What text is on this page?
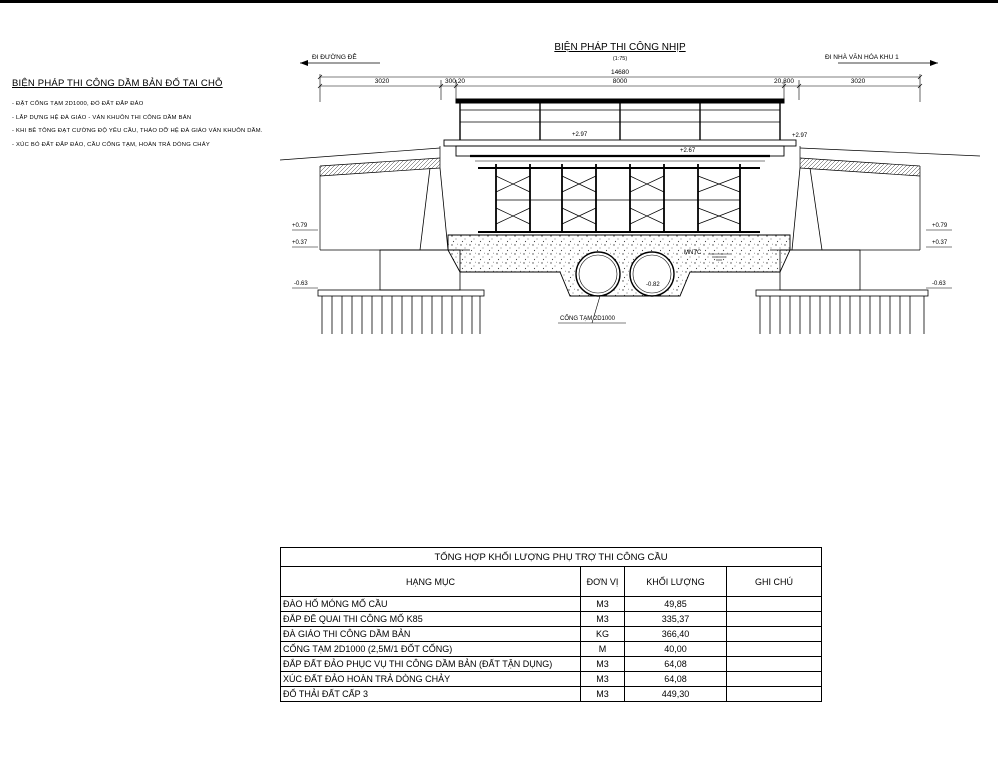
BIỆN PHÁP THI CÔNG DẦM BẢN ĐỔ TẠI CHỖ
- ĐẶT CỐNG TẠM 2D1000, ĐỔ ĐẤT ĐẮP ĐẢO
- LẮP DỰNG HỆ ĐÀ GIÁO - VÁN KHUÔN THI CÔNG DẦM BẢN
- KHI BÊ TÔNG ĐẠT CƯỜNG ĐỘ YÊU CẦU, THÁO DỠ HỆ ĐÀ GIÁO VÁN KHUÔN DẦM.
- XÚC BỎ ĐẤT ĐẮP ĐẢO, CẦU CỐNG TẠM, HOÀN TRẢ DÒNG CHẢY
BIỆN PHÁP THI CÔNG NHỊP
(1:75)
ĐI ĐƯỜNG ĐÊ	ĐI NHÀ VĂN HÓA KHU 1
14680
3020	300,20	8000	20,300	3020
+2.97	+2.97
+2.67
-0.82
MNTC
CỐNG TẠM 2D1000
+0.79
+0.37
-0.63
+0.79
+0.37
-0.63
TỔNG HỢP KHỐI LƯỢNG PHỤ TRỢ THI CÔNG CẦU			
HẠNG MỤC	ĐƠN VỊ	KHỐI LƯỢNG	GHI CHÚ
ĐÀO HỐ MÓNG MỐ CẦU	M3	49,85	
ĐẮP ĐÊ QUAI THI CÔNG MỐ K85	M3	335,37	
ĐÀ GIÁO THI CÔNG DẦM BẢN	KG	366,40	
CỐNG TẠM 2D1000 (2,5M/1 ĐỐT CỐNG)	M	40,00	
ĐẮP ĐẤT ĐẢO PHỤC VỤ THI CÔNG DẦM BẢN (ĐẤT TẬN DỤNG)	M3	64,08	
XÚC ĐẤT ĐẢO HOÀN TRẢ DÒNG CHẢY	M3	64,08	
ĐỔ THẢI ĐẤT CẤP 3	M3	449,30	
